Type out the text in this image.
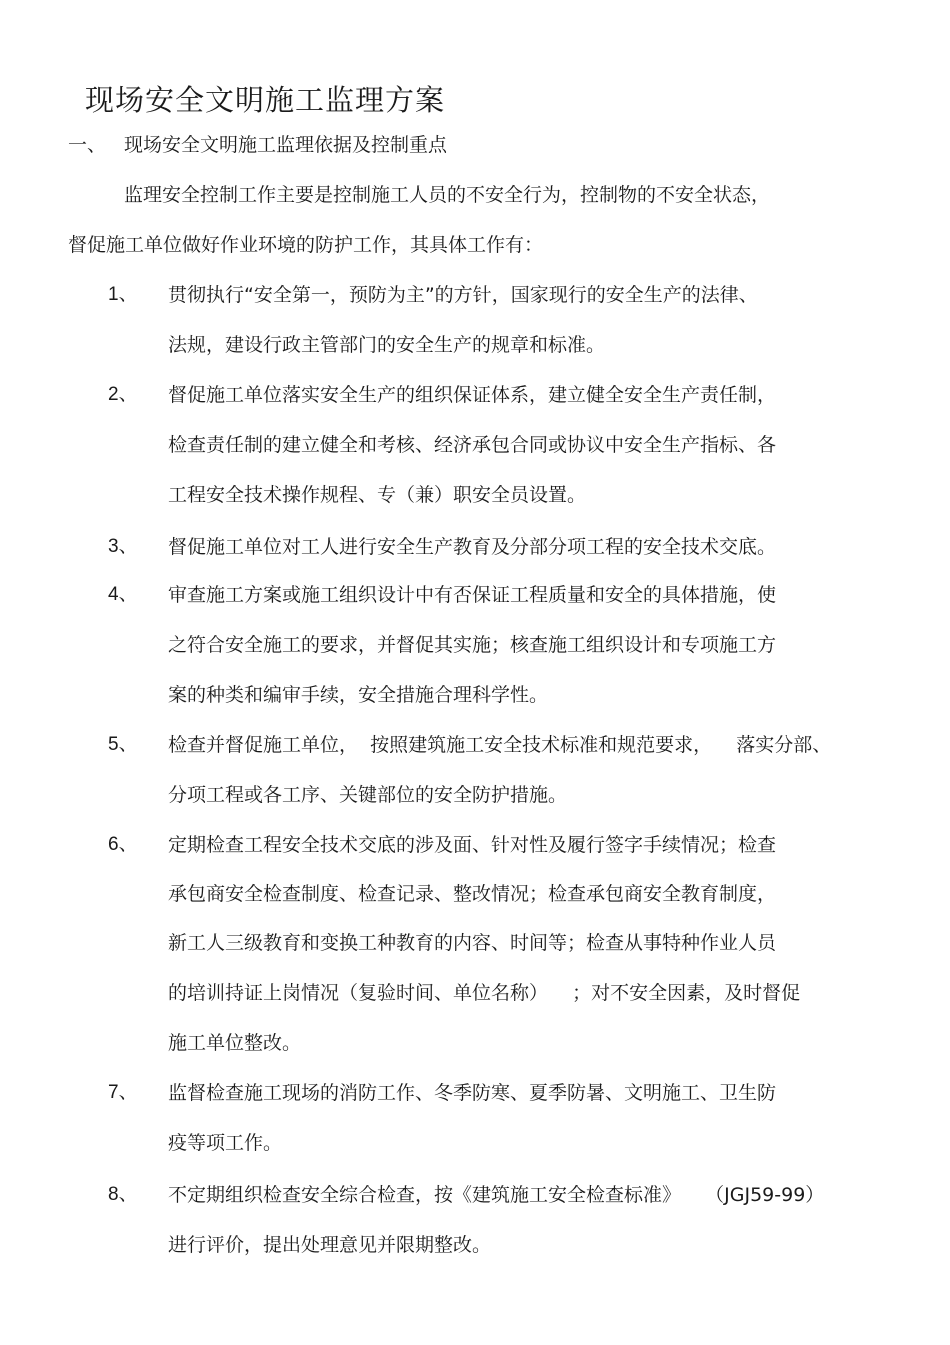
现场安全文明施工监理方案
一、 现场安全文明施工监理依据及控制重点
监理安全控制工作主要是控制施工人员的不安全行为，控制物的不安全状态，
督促施工单位做好作业环境的防护工作，其具体工作有：
1、	贯彻执行“安全第一，预防为主”的方针，国家现行的安全生产的法律、
法规，建设行政主管部门的安全生产的规章和标准。
2、	督促施工单位落实安全生产的组织保证体系，建立健全安全生产责任制，
检查责任制的建立健全和考核、经济承包合同或协议中安全生产指标、各
工程安全技术操作规程、专（兼）职安全员设置。
3、	督促施工单位对工人进行安全生产教育及分部分项工程的安全技术交底。
4、	审查施工方案或施工组织设计中有否保证工程质量和安全的具体措施，使
之符合安全施工的要求，并督促其实施；核查施工组织设计和专项施工方
案的种类和编审手续，安全措施合理科学性。
5、	检查并督促施工单位，  按照建筑施工安全技术标准和规范要求，    落实分部、
分项工程或各工序、关键部位的安全防护措施。
6、	定期检查工程安全技术交底的涉及面、针对性及履行签字手续情况；检查
承包商安全检查制度、检查记录、整改情况；检查承包商安全教育制度，
新工人三级教育和变换工种教育的内容、时间等；检查从事特种作业人员
的培训持证上岗情况（复验时间、单位名称）    ；对不安全因素，及时督促
施工单位整改。
7、	监督检查施工现场的消防工作、冬季防寒、夏季防暑、文明施工、卫生防
疫等项工作。
8、	不定期组织检查安全综合检查，按《建筑施工安全检查标准》    （JGJ59-99）
进行评价，提出处理意见并限期整改。
